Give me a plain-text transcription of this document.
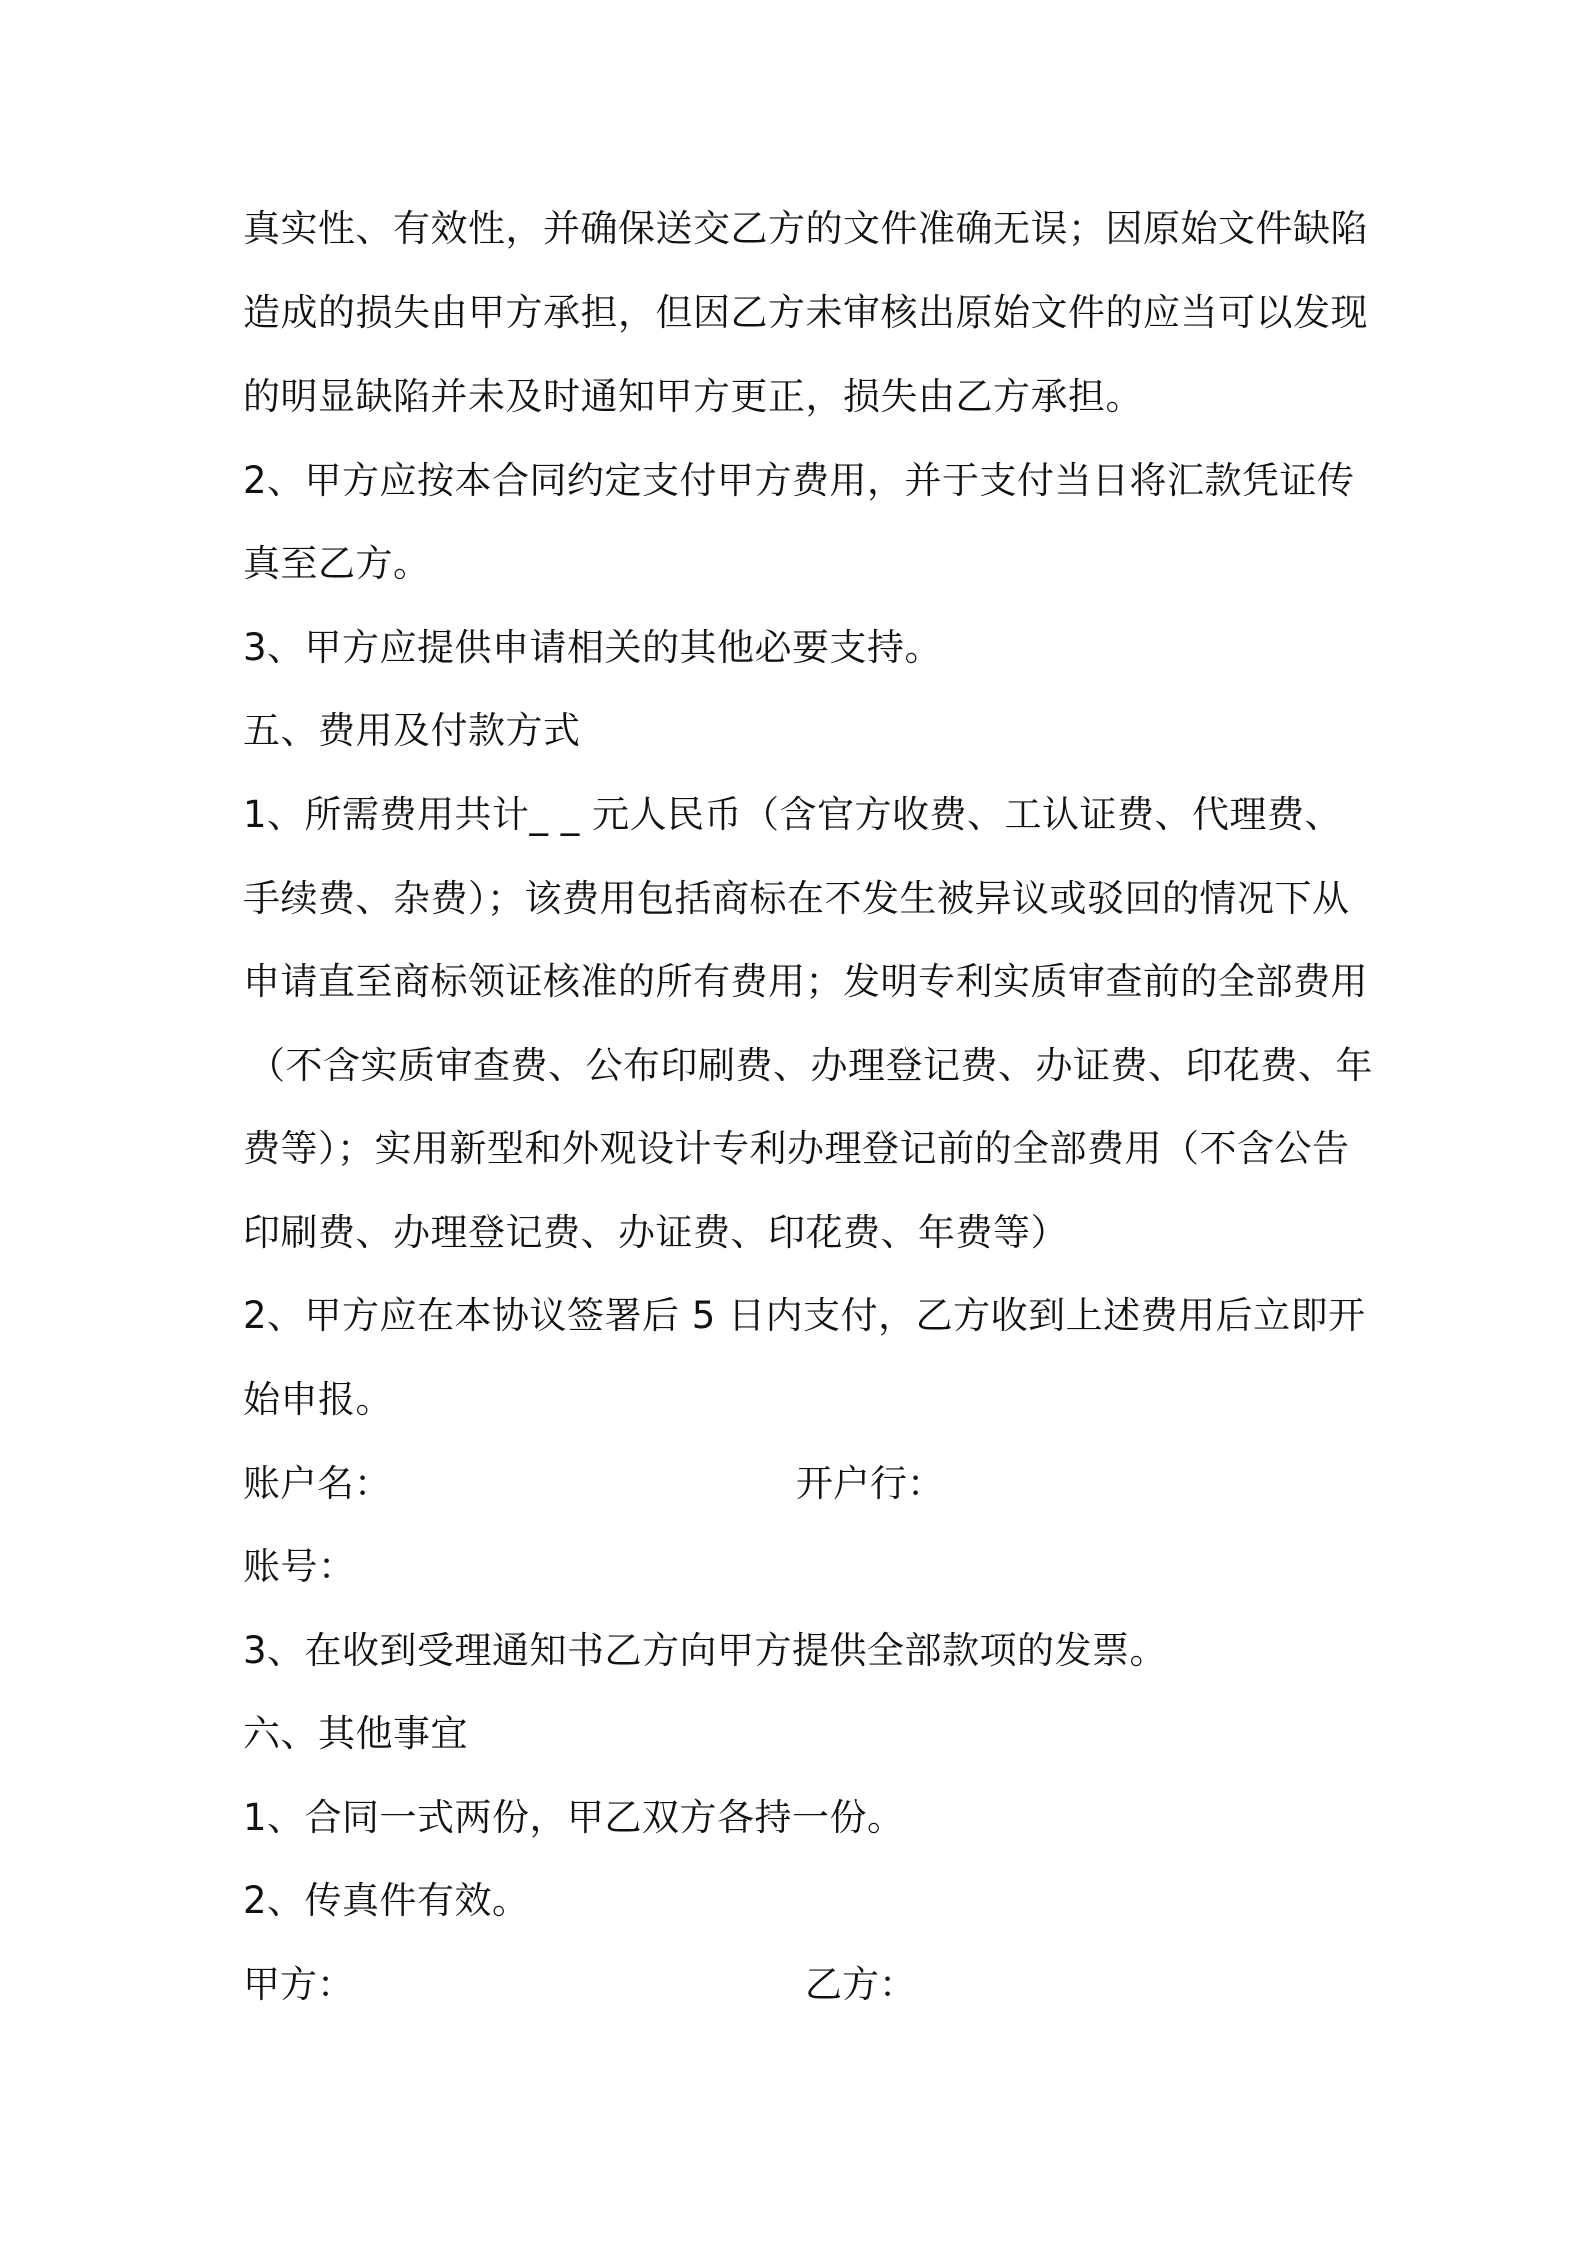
真实性、有效性，并确保送交乙方的文件准确无误；因原始文件缺陷
造成的损失由甲方承担，但因乙方未审核出原始文件的应当可以发现
的明显缺陷并未及时通知甲方更正，损失由乙方承担。
2、甲方应按本合同约定支付甲方费用，并于支付当日将汇款凭证传
真至乙方。
3、甲方应提供申请相关的其他必要支持。
五、费用及付款方式
1、所需费用共计_ _ 元人民币（含官方收费、工认证费、代理费、
手续费、杂费）；该费用包括商标在不发生被异议或驳回的情况下从
申请直至商标领证核准的所有费用；发明专利实质审查前的全部费用
（不含实质审查费、公布印刷费、办理登记费、办证费、印花费、年
费等）；实用新型和外观设计专利办理登记前的全部费用（不含公告
印刷费、办理登记费、办证费、印花费、年费等）
2、甲方应在本协议签署后 5 日内支付，乙方收到上述费用后立即开
始申报。
账户名：	开户行：
账号：
3、在收到受理通知书乙方向甲方提供全部款项的发票。
六、其他事宜
1、合同一式两份，甲乙双方各持一份。
2、传真件有效。
甲方：	乙方：
